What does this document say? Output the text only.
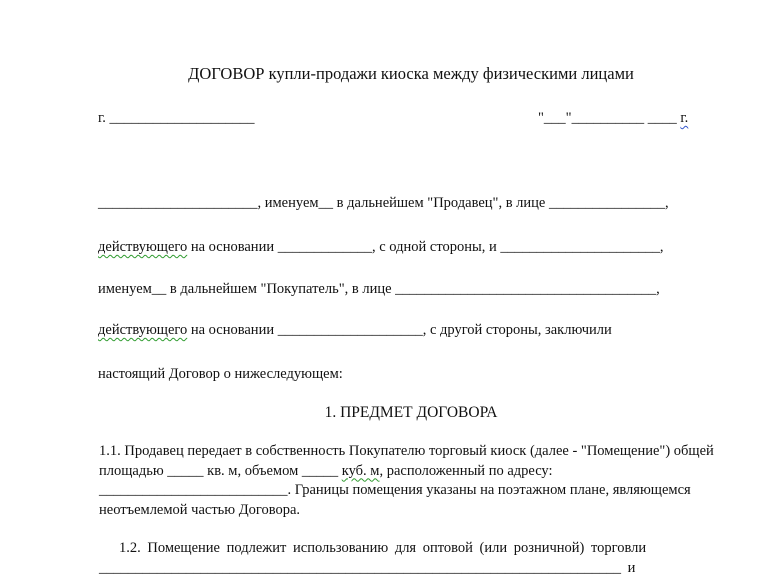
ДОГОВОР купли-продажи киоска между физическими лицами
г. ____________________	"___"__________ ____ г.
______________________, именуем__ в дальнейшем "Продавец", в лице ________________,
действующего на основании _____________, с одной стороны, и ______________________,
именуем__ в дальнейшем "Покупатель", в лице ____________________________________,
действующего на основании ____________________, с другой стороны, заключили
настоящий Договор о нижеследующем:
1. ПРЕДМЕТ ДОГОВОРА
1.1. Продавец передает в собственность Покупателю торговый киоск (далее - "Помещение") общей площадью _____ кв. м, объемом _____ куб. м, расположенный по адресу: __________________________. Границы помещения указаны на поэтажном плане, являющемся неотъемлемой частью Договора.
1.2. Помещение подлежит использованию для оптовой (или розничной) торговли ________________________________________________________________________ и
